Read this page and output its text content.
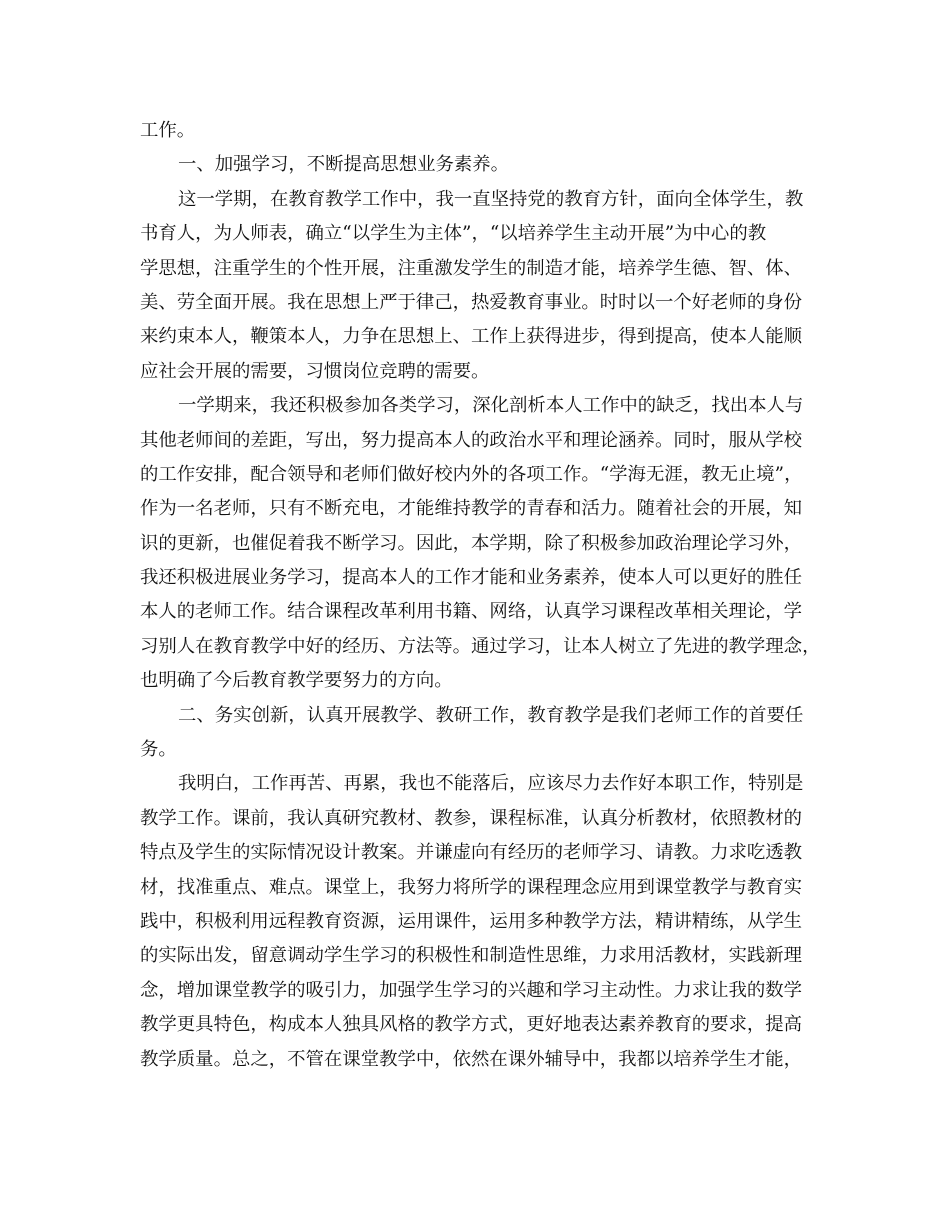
工作。
一、加强学习，不断提高思想业务素养。
这一学期，在教育教学工作中，我一直坚持党的教育方针，面向全体学生，教
书育人，为人师表，确立“以学生为主体”，“以培养学生主动开展”为中心的教
学思想，注重学生的个性开展，注重激发学生的制造才能，培养学生德、智、体、
美、劳全面开展。我在思想上严于律己，热爱教育事业。时时以一个好老师的身份
来约束本人，鞭策本人，力争在思想上、工作上获得进步，得到提高，使本人能顺
应社会开展的需要，习惯岗位竞聘的需要。
一学期来，我还积极参加各类学习，深化剖析本人工作中的缺乏，找出本人与
其他老师间的差距，写出，努力提高本人的政治水平和理论涵养。同时，服从学校
的工作安排，配合领导和老师们做好校内外的各项工作。“学海无涯，教无止境”，
作为一名老师，只有不断充电，才能维持教学的青春和活力。随着社会的开展，知
识的更新，也催促着我不断学习。因此，本学期，除了积极参加政治理论学习外，
我还积极进展业务学习，提高本人的工作才能和业务素养，使本人可以更好的胜任
本人的老师工作。结合课程改革利用书籍、网络，认真学习课程改革相关理论，学
习别人在教育教学中好的经历、方法等。通过学习，让本人树立了先进的教学理念，
也明确了今后教育教学要努力的方向。
二、务实创新，认真开展教学、教研工作，教育教学是我们老师工作的首要任
务。
我明白，工作再苦、再累，我也不能落后，应该尽力去作好本职工作，特别是
教学工作。课前，我认真研究教材、教参，课程标准，认真分析教材，依照教材的
特点及学生的实际情况设计教案。并谦虚向有经历的老师学习、请教。力求吃透教
材，找准重点、难点。课堂上，我努力将所学的课程理念应用到课堂教学与教育实
践中，积极利用远程教育资源，运用课件，运用多种教学方法，精讲精练，从学生
的实际出发，留意调动学生学习的积极性和制造性思维，力求用活教材，实践新理
念，增加课堂教学的吸引力，加强学生学习的兴趣和学习主动性。力求让我的数学
教学更具特色，构成本人独具风格的教学方式，更好地表达素养教育的要求，提高
教学质量。总之，不管在课堂教学中，依然在课外辅导中，我都以培养学生才能，
